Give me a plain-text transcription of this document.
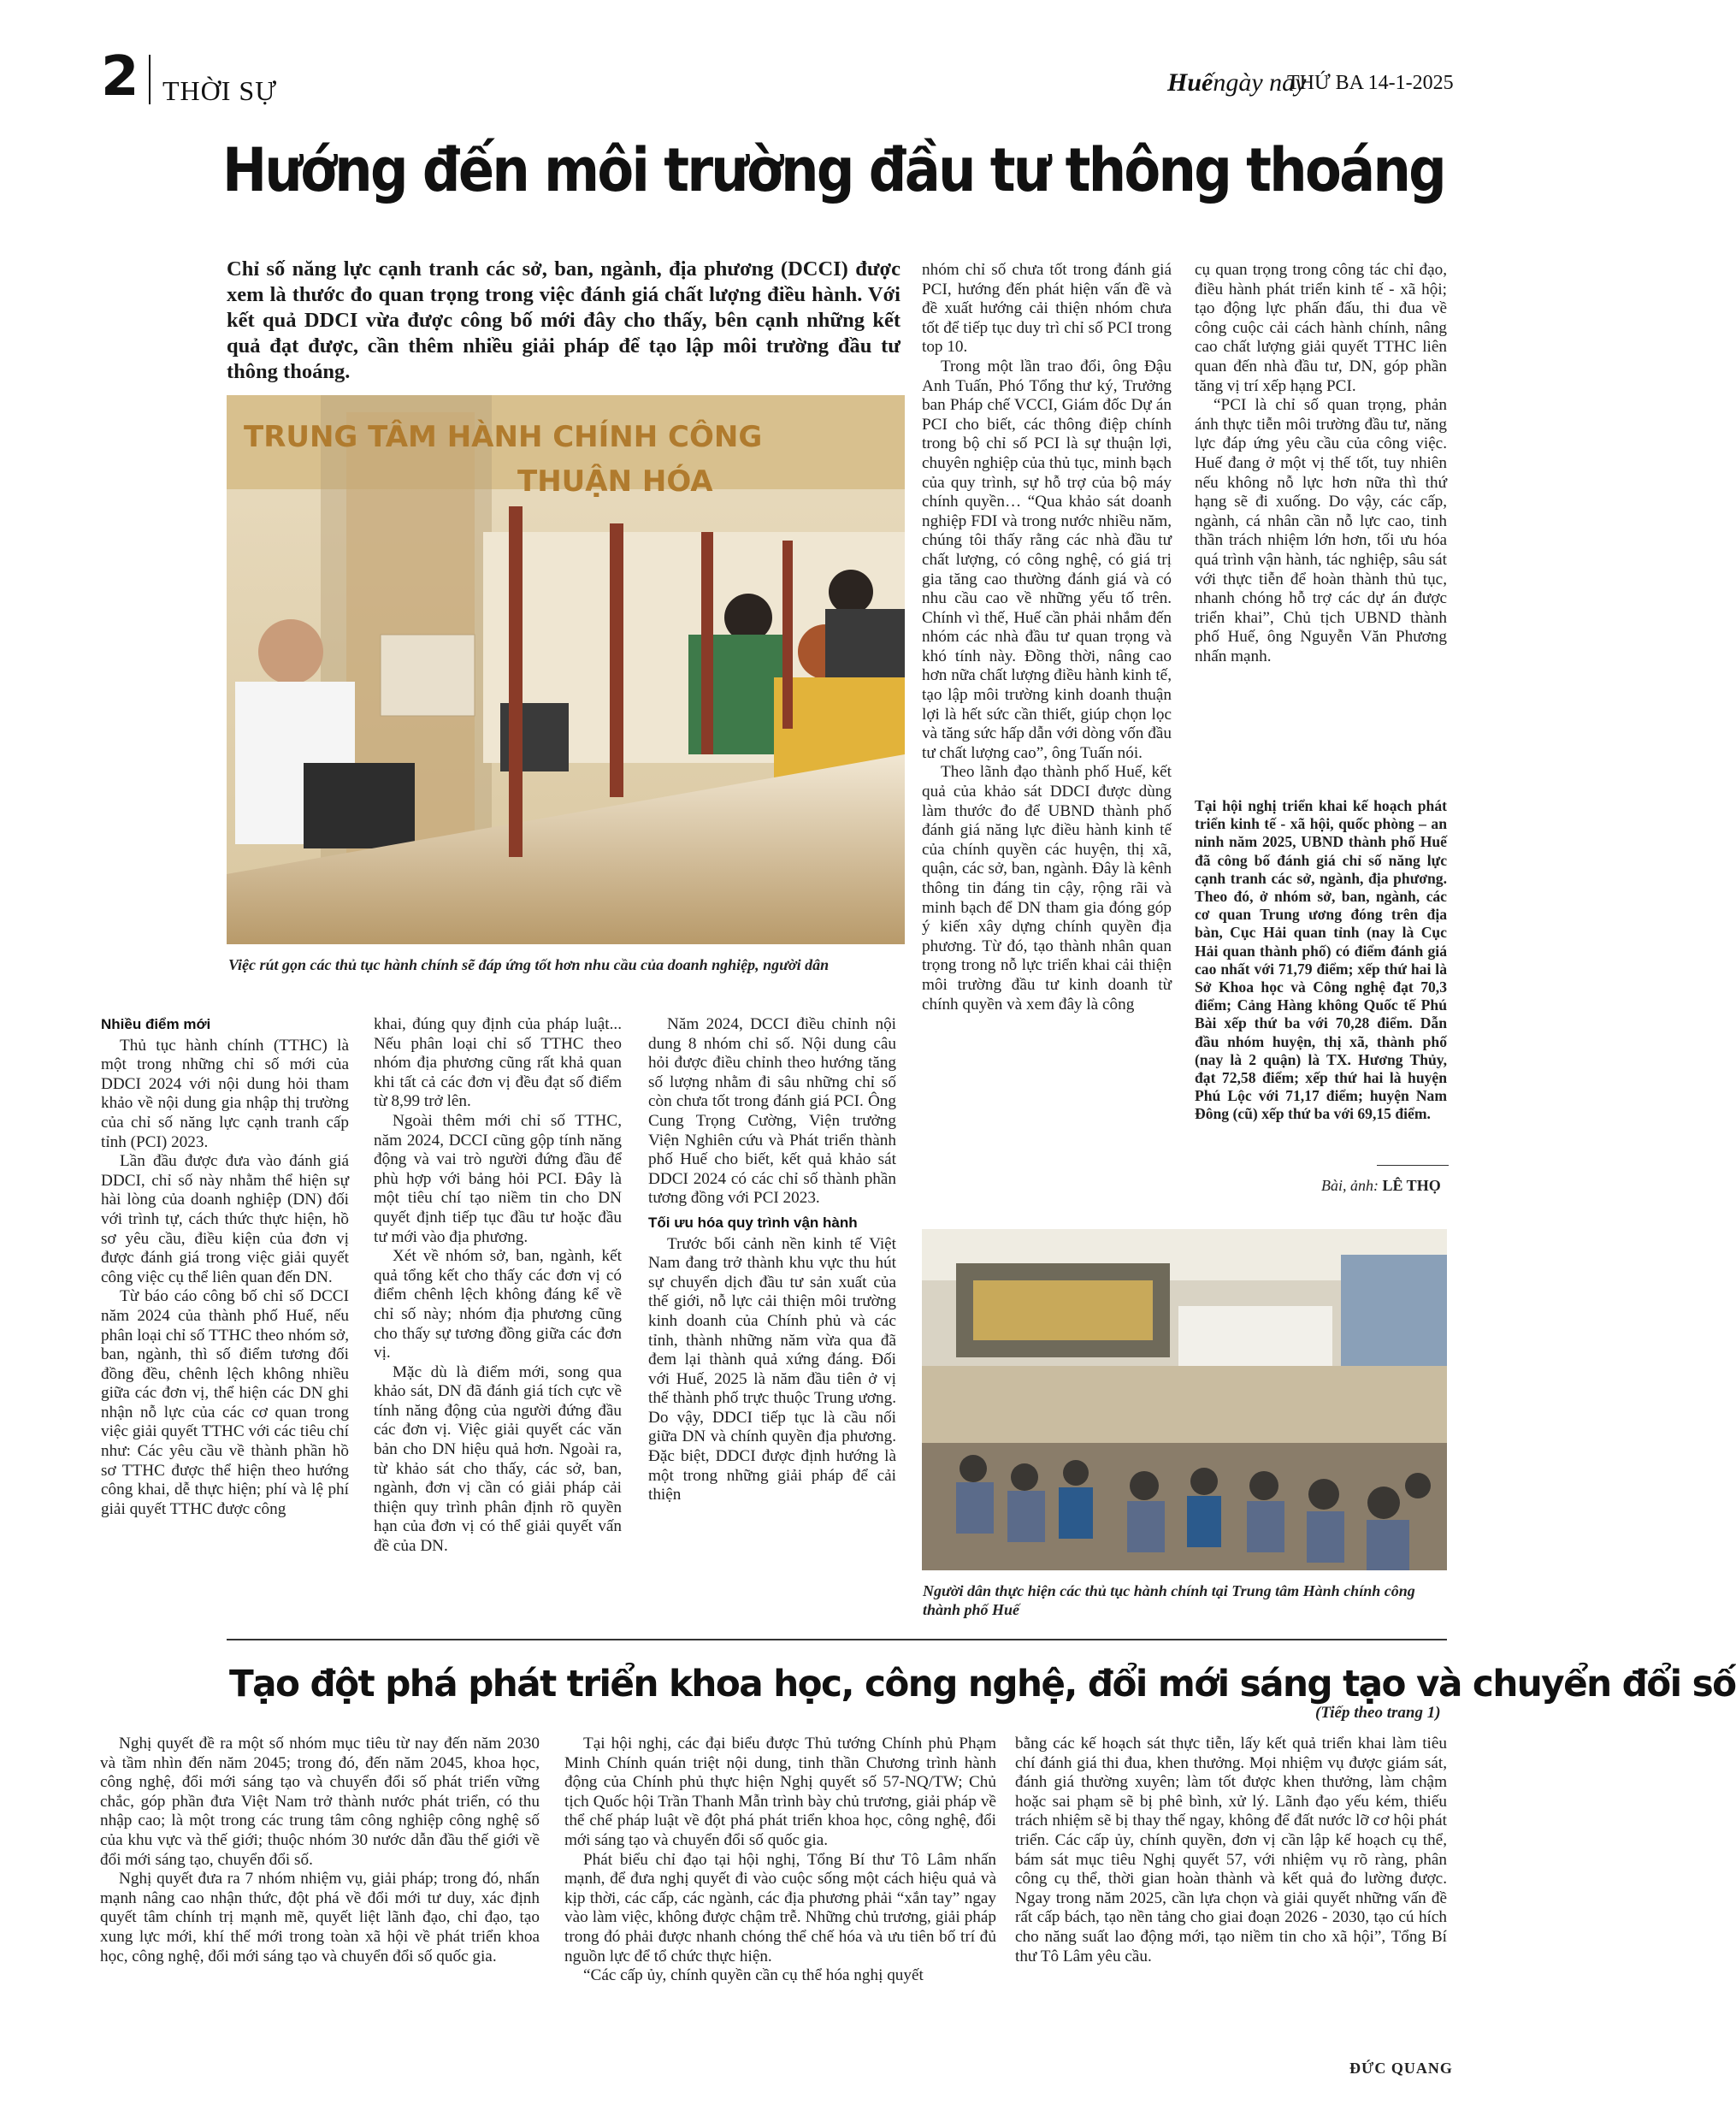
2 THỜI SỰ	Huếngày nay
THỨ BA 14-1-2025
Hướng đến môi trường đầu tư thông thoáng
Chỉ số năng lực cạnh tranh các sở, ban, ngành, địa phương (DCCI) được xem là thước đo quan trọng trong việc đánh giá chất lượng điều hành. Với kết quả DDCI vừa được công bố mới đây cho thấy, bên cạnh những kết quả đạt được, cần thêm nhiều giải pháp để tạo lập môi trường đầu tư thông thoáng.
TRUNG TÂM HÀNH CHÍNH CÔNG
THUẬN HÓA
Việc rút gọn các thủ tục hành chính sẽ đáp ứng tốt hơn nhu cầu của doanh nghiệp, người dân
Nhiều điểm mới

Thủ tục hành chính (TTHC) là một trong những chỉ số mới của DDCI 2024 với nội dung hỏi tham khảo về nội dung gia nhập thị trường của chỉ số năng lực cạnh tranh cấp tỉnh (PCI) 2023.

Lần đầu được đưa vào đánh giá DDCI, chỉ số này nhằm thể hiện sự hài lòng của doanh nghiệp (DN) đối với trình tự, cách thức thực hiện, hồ sơ yêu cầu, điều kiện của đơn vị được đánh giá trong việc giải quyết công việc cụ thể liên quan đến DN.

Từ báo cáo công bố chỉ số DCCI năm 2024 của thành phố Huế, nếu phân loại chỉ số TTHC theo nhóm sở, ban, ngành, thì số điểm tương đối đồng đều, chênh lệch không nhiều giữa các đơn vị, thể hiện các DN ghi nhận nỗ lực của các cơ quan trong việc giải quyết TTHC với các tiêu chí như: Các yêu cầu về thành phần hồ sơ TTHC được thể hiện theo hướng công khai, dễ thực hiện; phí và lệ phí giải quyết TTHC được công

khai, đúng quy định của pháp luật... Nếu phân loại chỉ số TTHC theo nhóm địa phương cũng rất khả quan khi tất cả các đơn vị đều đạt số điểm từ 8,99 trở lên.

Ngoài thêm mới chỉ số TTHC, năm 2024, DCCI cũng gộp tính năng động và vai trò người đứng đầu để phù hợp với bảng hỏi PCI. Đây là một tiêu chí tạo niềm tin cho DN quyết định tiếp tục đầu tư hoặc đầu tư mới vào địa phương.

Xét về nhóm sở, ban, ngành, kết quả tổng kết cho thấy các đơn vị có điểm chênh lệch không đáng kể về chỉ số này; nhóm địa phương cũng cho thấy sự tương đồng giữa các đơn vị.

Mặc dù là điểm mới, song qua khảo sát, DN đã đánh giá tích cực về tính năng động của người đứng đầu các đơn vị. Việc giải quyết các văn bản cho DN hiệu quả hơn. Ngoài ra, từ khảo sát cho thấy, các sở, ban, ngành, đơn vị cần có giải pháp cải thiện quy trình phân định rõ quyền hạn của đơn vị có thể giải quyết vấn đề của DN.

Năm 2024, DCCI điều chỉnh nội dung 8 nhóm chỉ số. Nội dung câu hỏi được điều chỉnh theo hướng tăng số lượng nhằm đi sâu những chỉ số còn chưa tốt trong đánh giá PCI. Ông Cung Trọng Cường, Viện trưởng Viện Nghiên cứu và Phát triển thành phố Huế cho biết, kết quả khảo sát DDCI 2024 có các chỉ số thành phần tương đồng với PCI 2023.

Tối ưu hóa quy trình vận hành

Trước bối cảnh nền kinh tế Việt Nam đang trở thành khu vực thu hút sự chuyển dịch đầu tư sản xuất của thế giới, nỗ lực cải thiện môi trường kinh doanh của Chính phủ và các tỉnh, thành những năm vừa qua đã đem lại thành quả xứng đáng. Đối với Huế, 2025 là năm đầu tiên ở vị thế thành phố trực thuộc Trung ương. Do vậy, DDCI tiếp tục là cầu nối giữa DN và chính quyền địa phương. Đặc biệt, DDCI được định hướng là một trong những giải pháp để cải thiện

nhóm chỉ số chưa tốt trong đánh giá PCI, hướng đến phát hiện vấn đề và đề xuất hướng cải thiện nhóm chưa tốt để tiếp tục duy trì chỉ số PCI trong top 10.

Trong một lần trao đổi, ông Đậu Anh Tuấn, Phó Tổng thư ký, Trưởng ban Pháp chế VCCI, Giám đốc Dự án PCI cho biết, các thông điệp chính trong bộ chỉ số PCI là sự thuận lợi, chuyên nghiệp của thủ tục, minh bạch của quy trình, sự hỗ trợ của bộ máy chính quyền… “Qua khảo sát doanh nghiệp FDI và trong nước nhiều năm, chúng tôi thấy rằng các nhà đầu tư chất lượng, có công nghệ, có giá trị gia tăng cao thường đánh giá và có nhu cầu cao về những yếu tố trên. Chính vì thế, Huế cần phải nhắm đến nhóm các nhà đầu tư quan trọng và khó tính này. Đồng thời, nâng cao hơn nữa chất lượng điều hành kinh tế, tạo lập môi trường kinh doanh thuận lợi là hết sức cần thiết, giúp chọn lọc và tăng sức hấp dẫn với dòng vốn đầu tư chất lượng cao”, ông Tuấn nói.

Theo lãnh đạo thành phố Huế, kết quả của khảo sát DDCI được dùng làm thước đo để UBND thành phố đánh giá năng lực điều hành kinh tế của chính quyền các huyện, thị xã, quận, các sở, ban, ngành. Đây là kênh thông tin đáng tin cậy, rộng rãi và minh bạch để DN tham gia đóng góp ý kiến xây dựng chính quyền địa phương. Từ đó, tạo thành nhân quan trọng trong nỗ lực triển khai cải thiện môi trường đầu tư kinh doanh từ chính quyền và xem đây là công

cụ quan trọng trong công tác chỉ đạo, điều hành phát triển kinh tế - xã hội; tạo động lực phấn đấu, thi đua về công cuộc cải cách hành chính, nâng cao chất lượng giải quyết TTHC liên quan đến nhà đầu tư, DN, góp phần tăng vị trí xếp hạng PCI.

“PCI là chỉ số quan trọng, phản ánh thực tiễn môi trường đầu tư, năng lực đáp ứng yêu cầu của công việc. Huế đang ở một vị thế tốt, tuy nhiên nếu không nỗ lực hơn nữa thì thứ hạng sẽ đi xuống. Do vậy, các cấp, ngành, cá nhân cần nỗ lực cao, tinh thần trách nhiệm lớn hơn, tối ưu hóa quá trình vận hành, tác nghiệp, sâu sát với thực tiễn để hoàn thành thủ tục, nhanh chóng hỗ trợ các dự án được triển khai”, Chủ tịch UBND thành phố Huế, ông Nguyễn Văn Phương nhấn mạnh.

Tại hội nghị triển khai kế hoạch phát triển kinh tế - xã hội, quốc phòng – an ninh năm 2025, UBND thành phố Huế đã công bố đánh giá chỉ số năng lực cạnh tranh các sở, ngành, địa phương. Theo đó, ở nhóm sở, ban, ngành, các cơ quan Trung ương đóng trên địa bàn, Cục Hải quan tỉnh (nay là Cục Hải quan thành phố) có điểm đánh giá cao nhất với 71,79 điểm; xếp thứ hai là Sở Khoa học và Công nghệ đạt 70,3 điểm; Cảng Hàng không Quốc tế Phú Bài xếp thứ ba với 70,28 điểm. Dẫn đầu nhóm huyện, thị xã, thành phố (nay là 2 quận) là TX. Hương Thủy, đạt 72,58 điểm; xếp thứ hai là huyện Phú Lộc với 71,17 điểm; huyện Nam Đông (cũ) xếp thứ ba với 69,15 điểm.

Bài, ảnh: LÊ THỌ
Người dân thực hiện các thủ tục hành chính tại Trung tâm Hành chính công thành phố Huế
Tạo đột phá phát triển khoa học, công nghệ, đổi mới sáng tạo và chuyển đổi số
(Tiếp theo trang 1)

Nghị quyết đề ra một số nhóm mục tiêu từ nay đến năm 2030 và tầm nhìn đến năm 2045; trong đó, đến năm 2045, khoa học, công nghệ, đổi mới sáng tạo và chuyển đổi số phát triển vững chắc, góp phần đưa Việt Nam trở thành nước phát triển, có thu nhập cao; là một trong các trung tâm công nghiệp công nghệ số của khu vực và thế giới; thuộc nhóm 30 nước dẫn đầu thế giới về đổi mới sáng tạo, chuyển đổi số.

Nghị quyết đưa ra 7 nhóm nhiệm vụ, giải pháp; trong đó, nhấn mạnh nâng cao nhận thức, đột phá về đổi mới tư duy, xác định quyết tâm chính trị mạnh mẽ, quyết liệt lãnh đạo, chỉ đạo, tạo xung lực mới, khí thế mới trong toàn xã hội về phát triển khoa học, công nghệ, đổi mới sáng tạo và chuyển đổi số quốc gia.

Tại hội nghị, các đại biểu được Thủ tướng Chính phủ Phạm Minh Chính quán triệt nội dung, tinh thần Chương trình hành động của Chính phủ thực hiện Nghị quyết số 57-NQ/TW; Chủ tịch Quốc hội Trần Thanh Mẫn trình bày chủ trương, giải pháp về thể chế pháp luật về đột phá phát triển khoa học, công nghệ, đổi mới sáng tạo và chuyển đổi số quốc gia.

Phát biểu chỉ đạo tại hội nghị, Tổng Bí thư Tô Lâm nhấn mạnh, để đưa nghị quyết đi vào cuộc sống một cách hiệu quả và kịp thời, các cấp, các ngành, các địa phương phải “xắn tay” ngay vào làm việc, không được chậm trễ. Những chủ trương, giải pháp trong đó phải được nhanh chóng thể chế hóa và ưu tiên bố trí đủ nguồn lực để tổ chức thực hiện.

“Các cấp ủy, chính quyền cần cụ thể hóa nghị quyết

bằng các kế hoạch sát thực tiễn, lấy kết quả triển khai làm tiêu chí đánh giá thi đua, khen thưởng. Mọi nhiệm vụ được giám sát, đánh giá thường xuyên; làm tốt được khen thưởng, làm chậm hoặc sai phạm sẽ bị phê bình, xử lý. Lãnh đạo yếu kém, thiếu trách nhiệm sẽ bị thay thế ngay, không để đất nước lỡ cơ hội phát triển. Các cấp ủy, chính quyền, đơn vị cần lập kế hoạch cụ thể, bám sát mục tiêu Nghị quyết 57, với nhiệm vụ rõ ràng, phân công cụ thể, thời gian hoàn thành và kết quả đo lường được. Ngay trong năm 2025, cần lựa chọn và giải quyết những vấn đề rất cấp bách, tạo nền tảng cho giai đoạn 2026 - 2030, tạo cú hích cho năng suất lao động mới, tạo niềm tin cho xã hội”, Tổng Bí thư Tô Lâm yêu cầu.

ĐỨC QUANG
